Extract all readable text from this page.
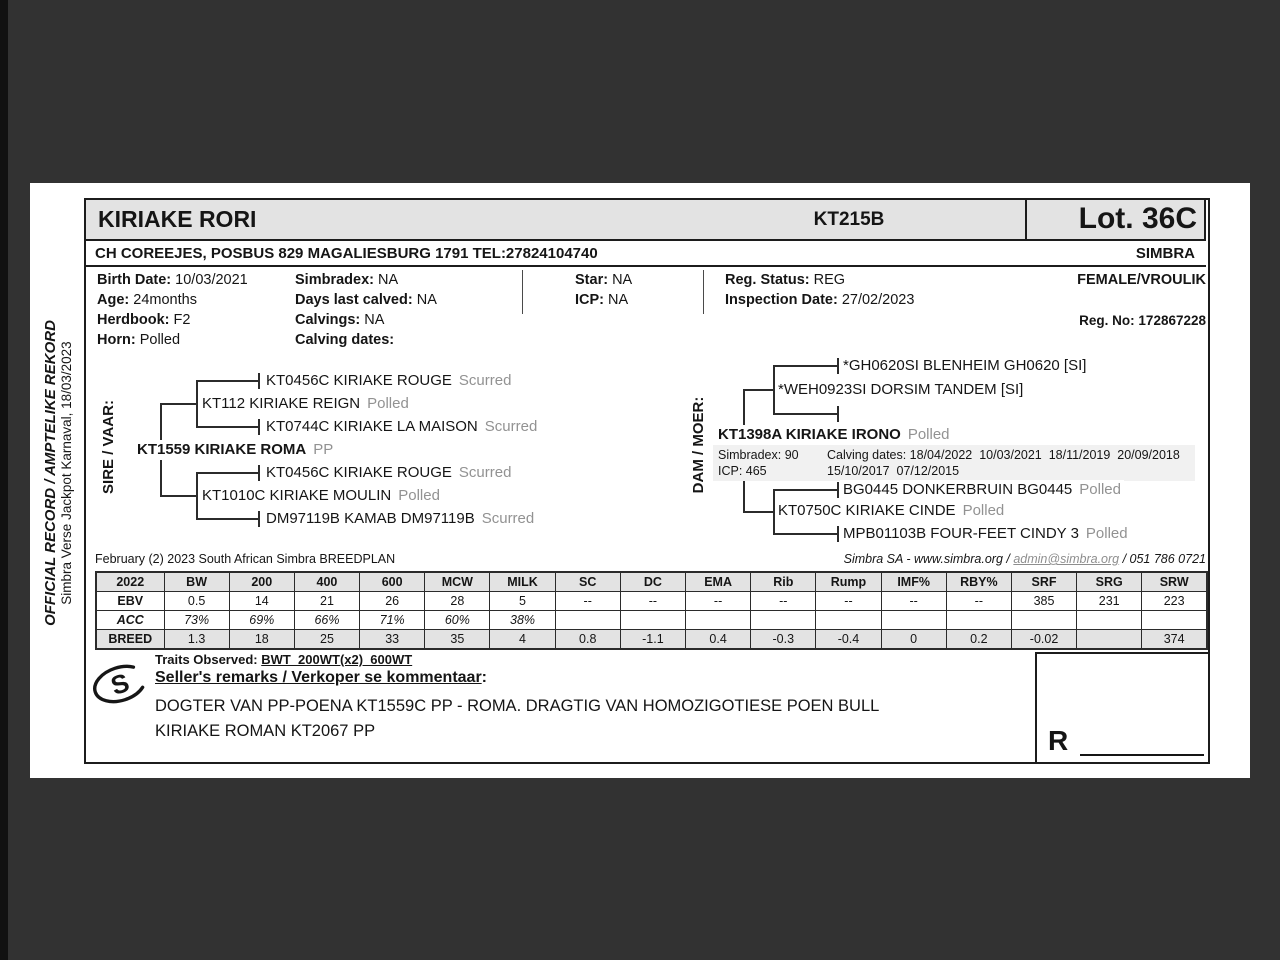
OFFICIAL RECORD / AMPTELIKE REKORD Simbra Verse Jackpot Karnaval, 18/03/2023
KIRIAKE RORI	KT215B	Lot. 36C
CH COREEJES, POSBUS 829 MAGALIESBURG 1791 TEL:27824104740	SIMBRA
Birth Date: 10/03/2021
Age: 24months
Herdbook: F2
Horn: Polled
Simbradex: NA
Days last calved: NA
Calvings: NA
Calving dates:
Star: NA
ICP: NA
Reg. Status: REG
Inspection Date: 27/02/2023
FEMALE/VROULIK
Reg. No: 172867228
SIRE / VAAR:
KT0456C KIRIAKE ROUGE Scurred
KT112 KIRIAKE REIGN Polled
KT0744C KIRIAKE LA MAISON Scurred
KT1559 KIRIAKE ROMA PP
KT0456C KIRIAKE ROUGE Scurred
KT1010C KIRIAKE MOULIN Polled
DM97119B KAMAB DM97119B Scurred
DAM / MOER:
*GH0620SI BLENHEIM GH0620 [SI]
*WEH0923SI DORSIM TANDEM [SI]
KT1398A KIRIAKE IRONO Polled
Simbradex: 90 Calving dates: 18/04/2022  10/03/2021  18/11/2019  20/09/2018
ICP: 465	15/10/2017  07/12/2015
BG0445 DONKERBRUIN BG0445 Polled
KT0750C KIRIAKE CINDE Polled
MPB01103B FOUR-FEET CINDY 3 Polled
February (2) 2023 South African Simbra BREEDPLAN	Simbra SA - www.simbra.org / admin@simbra.org / 051 786 0721
2022	BW	200	400	600	MCW	MILK	SC	DC	EMA	Rib	Rump	IMF%	RBY%	SRF	SRG	SRW
EBV	0.5	14	21	26	28	5	--	--	--	--	--	--	--	385	231	223
ACC	73%	69%	66%	71%	60%	38%										
BREED	1.3	18	25	33	35	4	0.8	-1.1	0.4	-0.3	-0.4	0	0.2	-0.02		374
S
Traits Observed: BWT  200WT(x2)  600WT
Seller's remarks / Verkoper se kommentaar:
DOGTER VAN PP-POENA KT1559C PP - ROMA. DRAGTIG VAN HOMOZIGOTIESE POEN BULL
KIRIAKE ROMAN KT2067 PP	R
